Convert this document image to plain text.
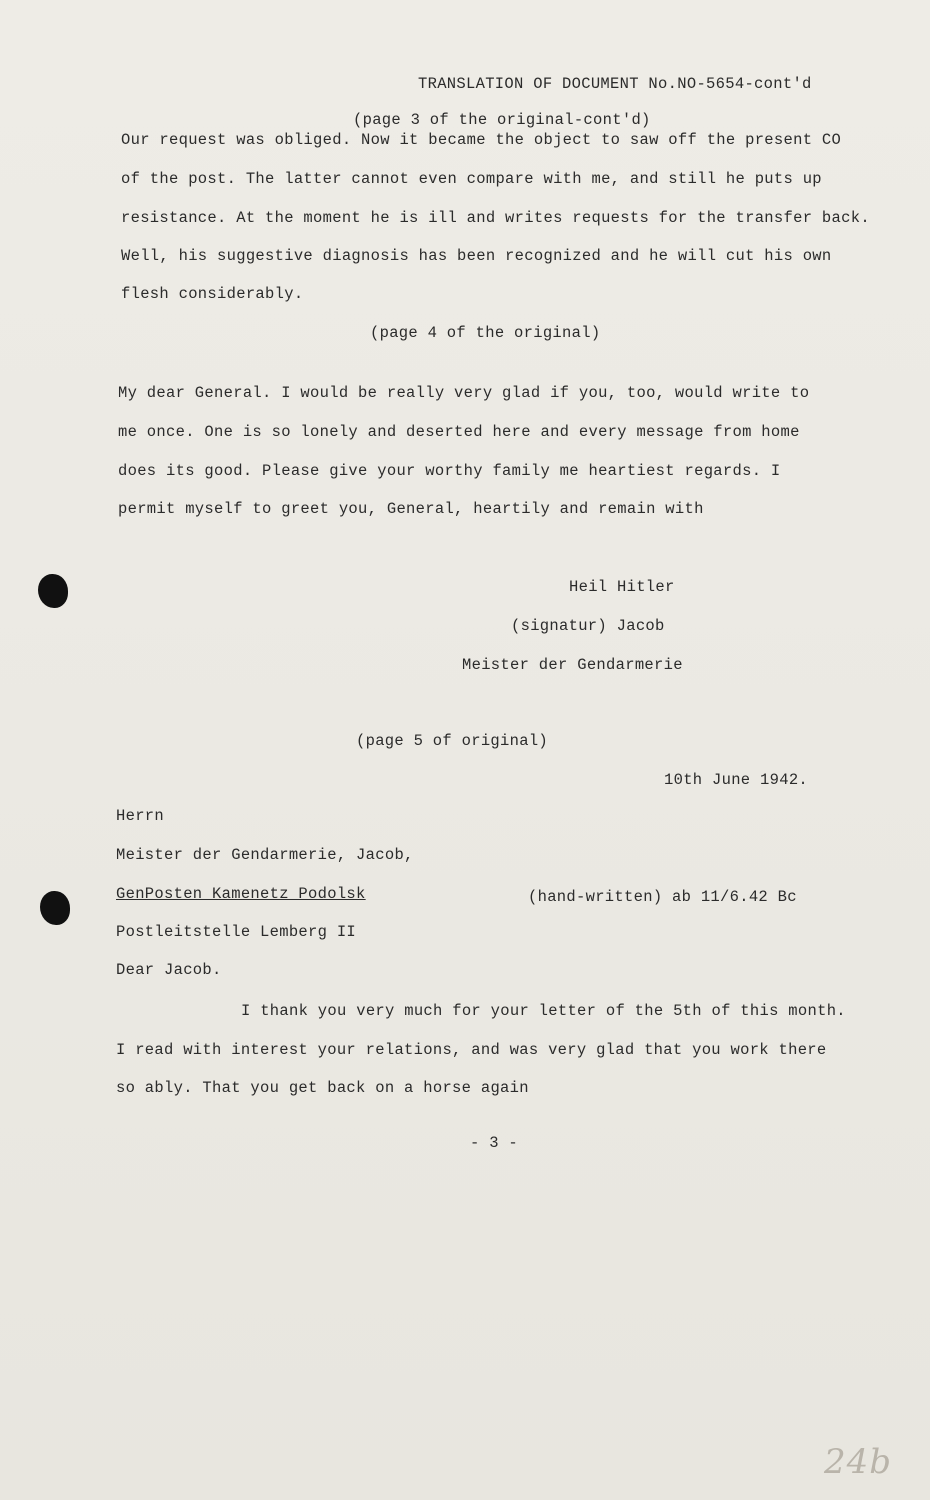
TRANSLATION OF DOCUMENT No.NO-5654-cont'd
(page 3 of the original-cont'd)
Our request was obliged. Now it became the object to saw off the present CO
of the post. The latter cannot even compare with me, and still he puts up
resistance. At the moment he is ill and writes requests for the transfer back.
Well, his suggestive diagnosis has been recognized and he will cut his own
flesh considerably.
(page 4 of the original)
My dear General. I would be really very glad if you, too, would write to
me once. One is so lonely and deserted here and every message from home
does its good. Please give your worthy family me heartiest regards. I
permit myself to greet you, General, heartily and remain with
Heil Hitler
(signatur) Jacob
Meister der Gendarmerie
(page 5 of original)
10th June 1942.
Herrn
Meister der Gendarmerie, Jacob,
GenPosten Kamenetz Podolsk	(hand-written) ab 11/6.42 Bc
Postleitstelle Lemberg II
Dear Jacob.
I thank you very much for your letter of the 5th of this month.
I read with interest your relations, and was very glad that you work there
so ably. That you get back on a horse again
- 3 -
24b
